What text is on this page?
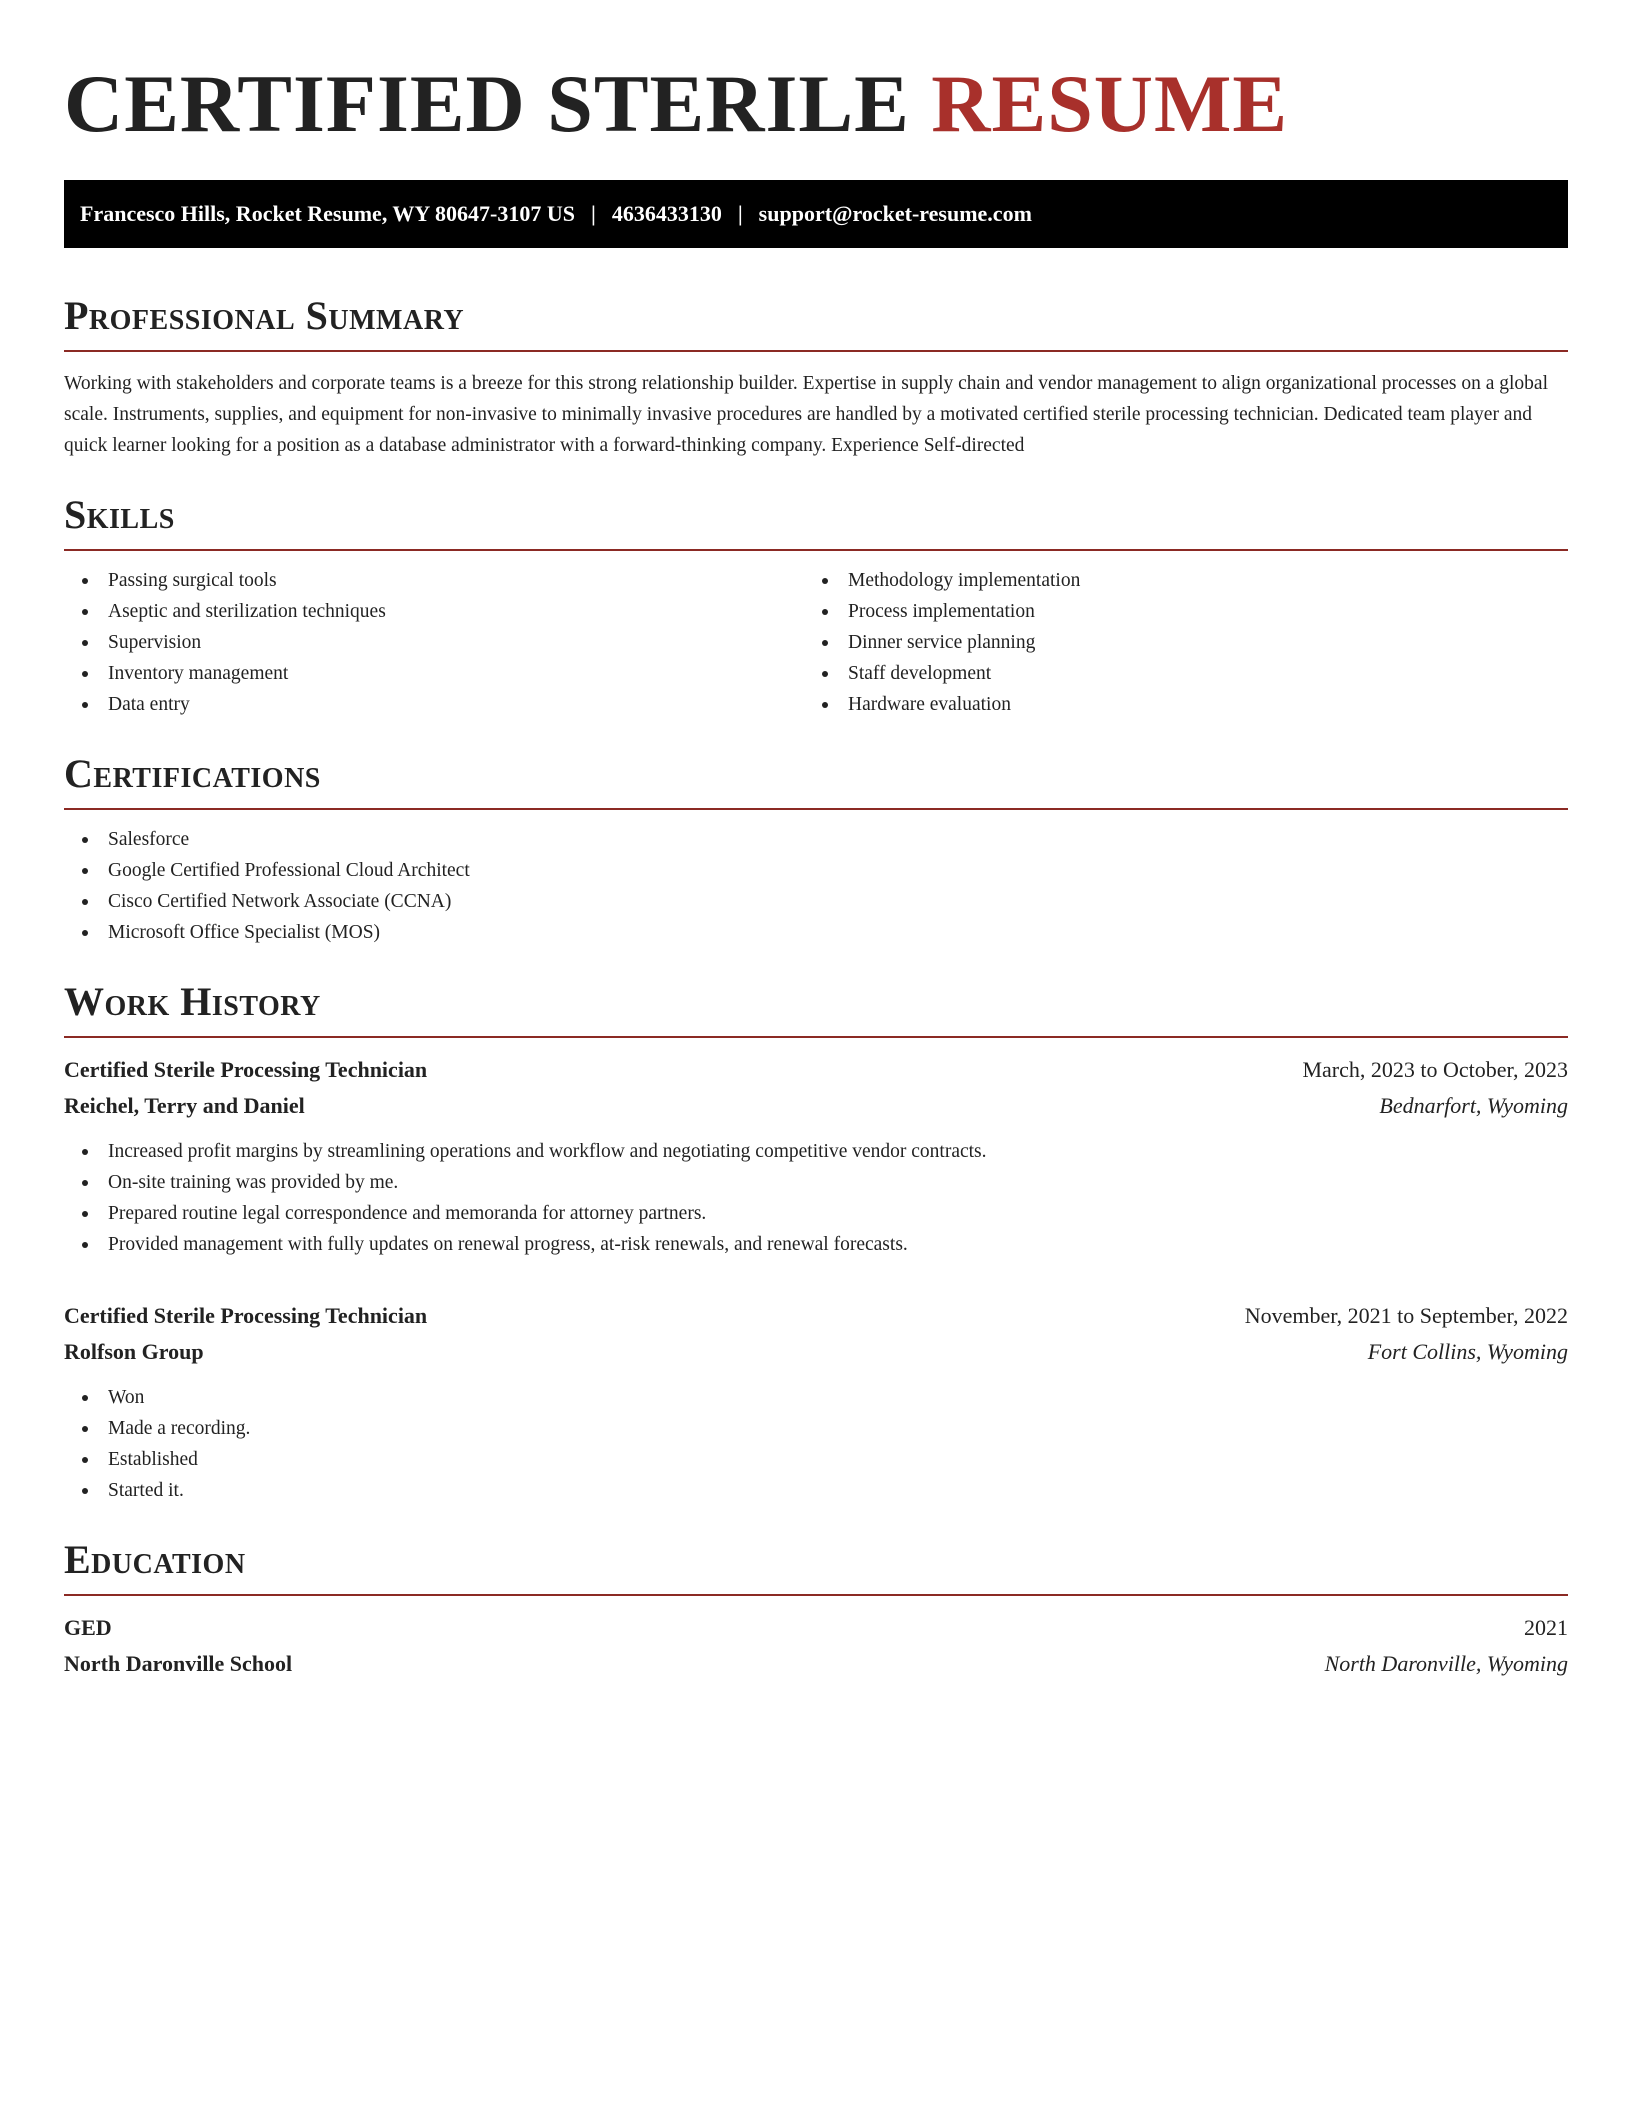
CERTIFIED STERILE RESUME
Francesco Hills, Rocket Resume, WY 80647-3107 US | 4636433130 | support@rocket-resume.com
Professional Summary

Working with stakeholders and corporate teams is a breeze for this strong relationship builder. Expertise in supply chain and vendor management to align organizational processes on a global scale. Instruments, supplies, and equipment for non-invasive to minimally invasive procedures are handled by a motivated certified sterile processing technician. Dedicated team player and quick learner looking for a position as a database administrator with a forward-thinking company. Experience Self-directed

Skills
Passing surgical tools
Aseptic and sterilization techniques
Supervision
Inventory management
Data entry
Methodology implementation
Process implementation
Dinner service planning
Staff development
Hardware evaluation
Certifications
Salesforce
Google Certified Professional Cloud Architect
Cisco Certified Network Associate (CCNA)
Microsoft Office Specialist (MOS)
Work History
Certified Sterile Processing Technician	March, 2023 to October, 2023
Reichel, Terry and Daniel	Bednarfort, Wyoming
Increased profit margins by streamlining operations and workflow and negotiating competitive vendor contracts.
On-site training was provided by me.
Prepared routine legal correspondence and memoranda for attorney partners.
Provided management with fully updates on renewal progress, at-risk renewals, and renewal forecasts.
Certified Sterile Processing Technician	November, 2021 to September, 2022
Rolfson Group	Fort Collins, Wyoming
Won
Made a recording.
Established
Started it.
Education
GED	2021
North Daronville School	North Daronville, Wyoming
